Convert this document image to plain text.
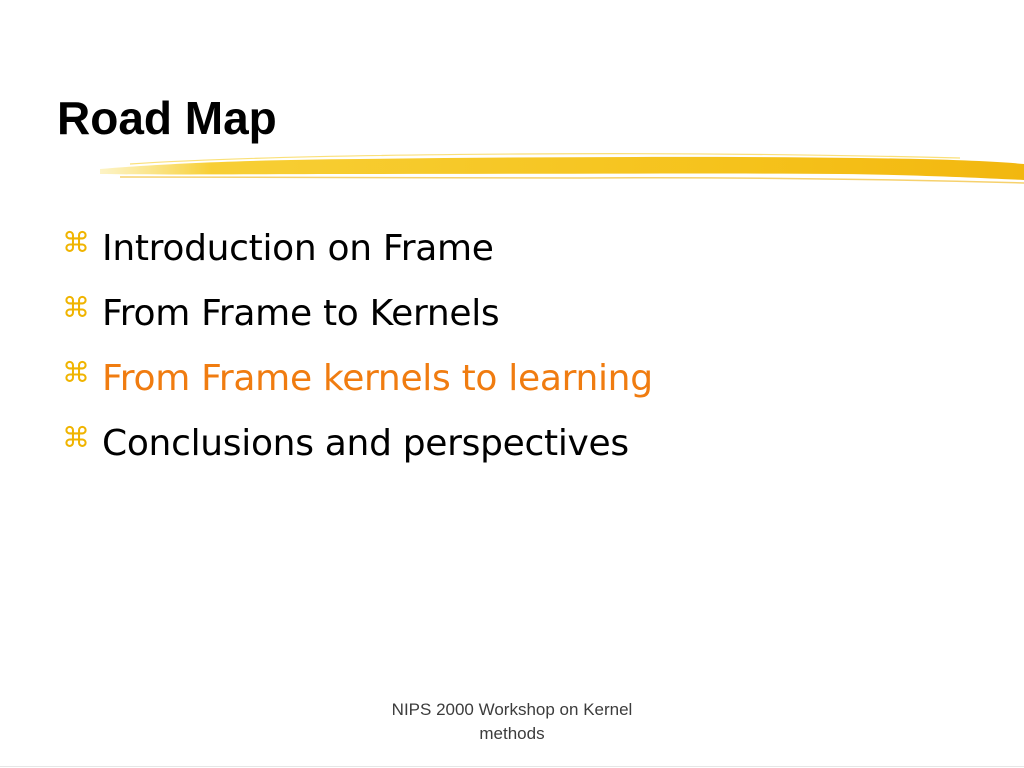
Road Map
⌘ Introduction on Frame
⌘ From Frame to Kernels
⌘ From Frame kernels to learning
⌘ Conclusions and perspectives
NIPS 2000 Workshop on Kernel
methods
